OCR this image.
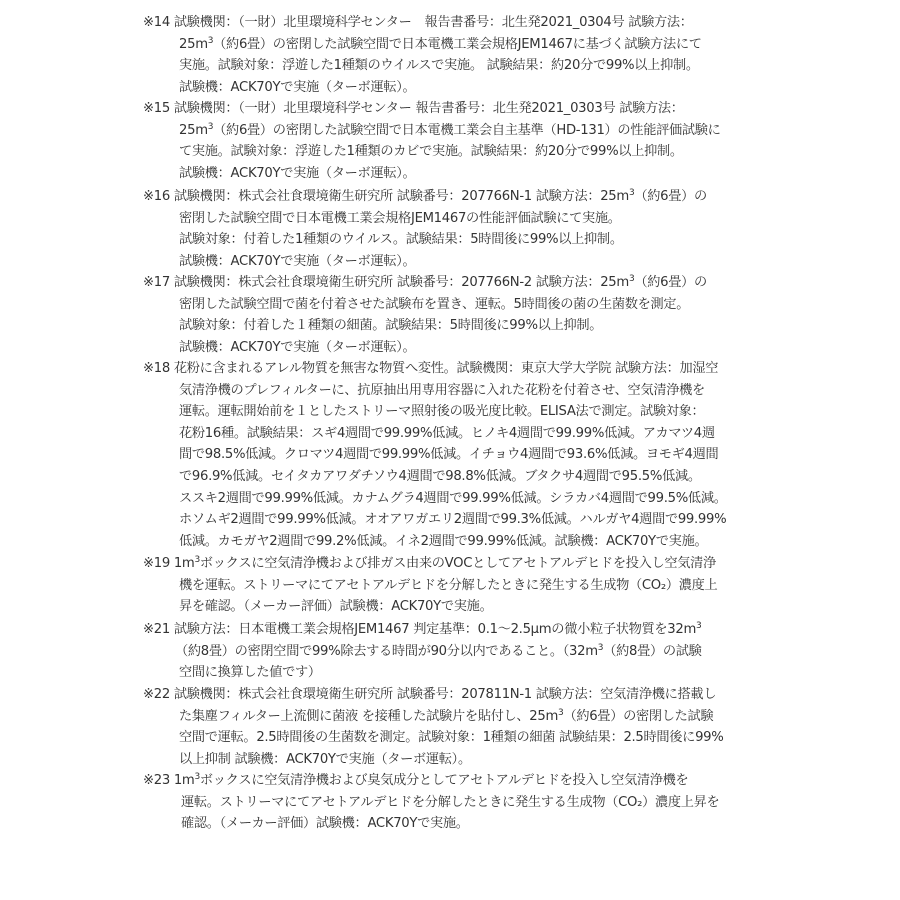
※14 試験機関：（一財）北里環境科学センター　報告書番号：北生発2021_0304号 試験方法：
$25m^3$（約6畳）の密閉した試験空間で日本電機工業会規格JEM1467に基づく試験方法にて
実施。試験対象：浮遊した1種類のウイルスで実施。 試験結果：約20分で99%以上抑制。
試験機：ACK70Yで実施（ターボ運転）。
※15 試験機関：（一財）北里環境科学センター 報告書番号：北生発2021_0303号 試験方法：
$25m^3$（約6畳）の密閉した試験空間で日本電機工業会自主基準（HD-131）の性能評価試験に
て実施。試験対象：浮遊した1種類のカビで実施。試験結果：約20分で99%以上抑制。
試験機：ACK70Yで実施（ターボ運転）。
※16 試験機関：株式会社食環境衛生研究所 試験番号：207766N-1 試験方法：$25m^3$（約6畳）の
密閉した試験空間で日本電機工業会規格JEM1467の性能評価試験にて実施。
試験対象：付着した1種類のウイルス。試験結果：5時間後に99%以上抑制。
試験機：ACK70Yで実施（ターボ運転）。
※17 試験機関：株式会社食環境衛生研究所 試験番号：207766N-2 試験方法：$25m^3$（約6畳）の
密閉した試験空間で菌を付着させた試験布を置き、運転。5時間後の菌の生菌数を測定。
試験対象：付着した１種類の細菌。試験結果：5時間後に99%以上抑制。
試験機：ACK70Yで実施（ターボ運転）。
※18 花粉に含まれるアレル物質を無害な物質へ変性。試験機関：東京大学大学院 試験方法：加湿空
気清浄機のプレフィルターに、抗原抽出用専用容器に入れた花粉を付着させ、空気清浄機を
運転。運転開始前を１としたストリーマ照射後の吸光度比較。ELISA法で測定。試験対象：
花粉16種。試験結果：スギ4週間で99.99%低減。ヒノキ4週間で99.99%低減。アカマツ4週
間で98.5%低減。クロマツ4週間で99.99%低減。イチョウ4週間で93.6%低減。ヨモギ4週間
で96.9%低減。セイタカアワダチソウ4週間で98.8%低減。ブタクサ4週間で95.5%低減。
ススキ2週間で99.99%低減。カナムグラ4週間で99.99%低減。シラカバ4週間で99.5%低減。
ホソムギ2週間で99.99%低減。オオアワガエリ2週間で99.3%低減。ハルガヤ4週間で99.99%
低減。カモガヤ2週間で99.2%低減。イネ2週間で99.99%低減。試験機：ACK70Yで実施。
※19 $1m^3$ボックスに空気清浄機および排ガス由来のVOCとしてアセトアルデヒドを投入し空気清浄
機を運転。ストリーマにてアセトアルデヒドを分解したときに発生する生成物（CO₂）濃度上
昇を確認。（メーカー評価）試験機：ACK70Yで実施。
※21 試験方法：日本電機工業会規格JEM1467 判定基準：0.1～2.5μmの微小粒子状物質を$32m^3$
（約8畳）の密閉空間で99%除去する時間が90分以内であること。（$32m^3$（約8畳）の試験
空間に換算した値です）
※22 試験機関：株式会社食環境衛生研究所 試験番号：207811N-1 試験方法：空気清浄機に搭載し
た集塵フィルター上流側に菌液 を接種した試験片を貼付し、$25m^3$（約6畳）の密閉した試験
空間で運転。2.5時間後の生菌数を測定。試験対象：1種類の細菌 試験結果：2.5時間後に99%
以上抑制 試験機：ACK70Yで実施（ターボ運転）。
※23 $1m^3$ボックスに空気清浄機および臭気成分としてアセトアルデヒドを投入し空気清浄機を
運転。ストリーマにてアセトアルデヒドを分解したときに発生する生成物（CO₂）濃度上昇を
確認。（メーカー評価）試験機：ACK70Yで実施。
